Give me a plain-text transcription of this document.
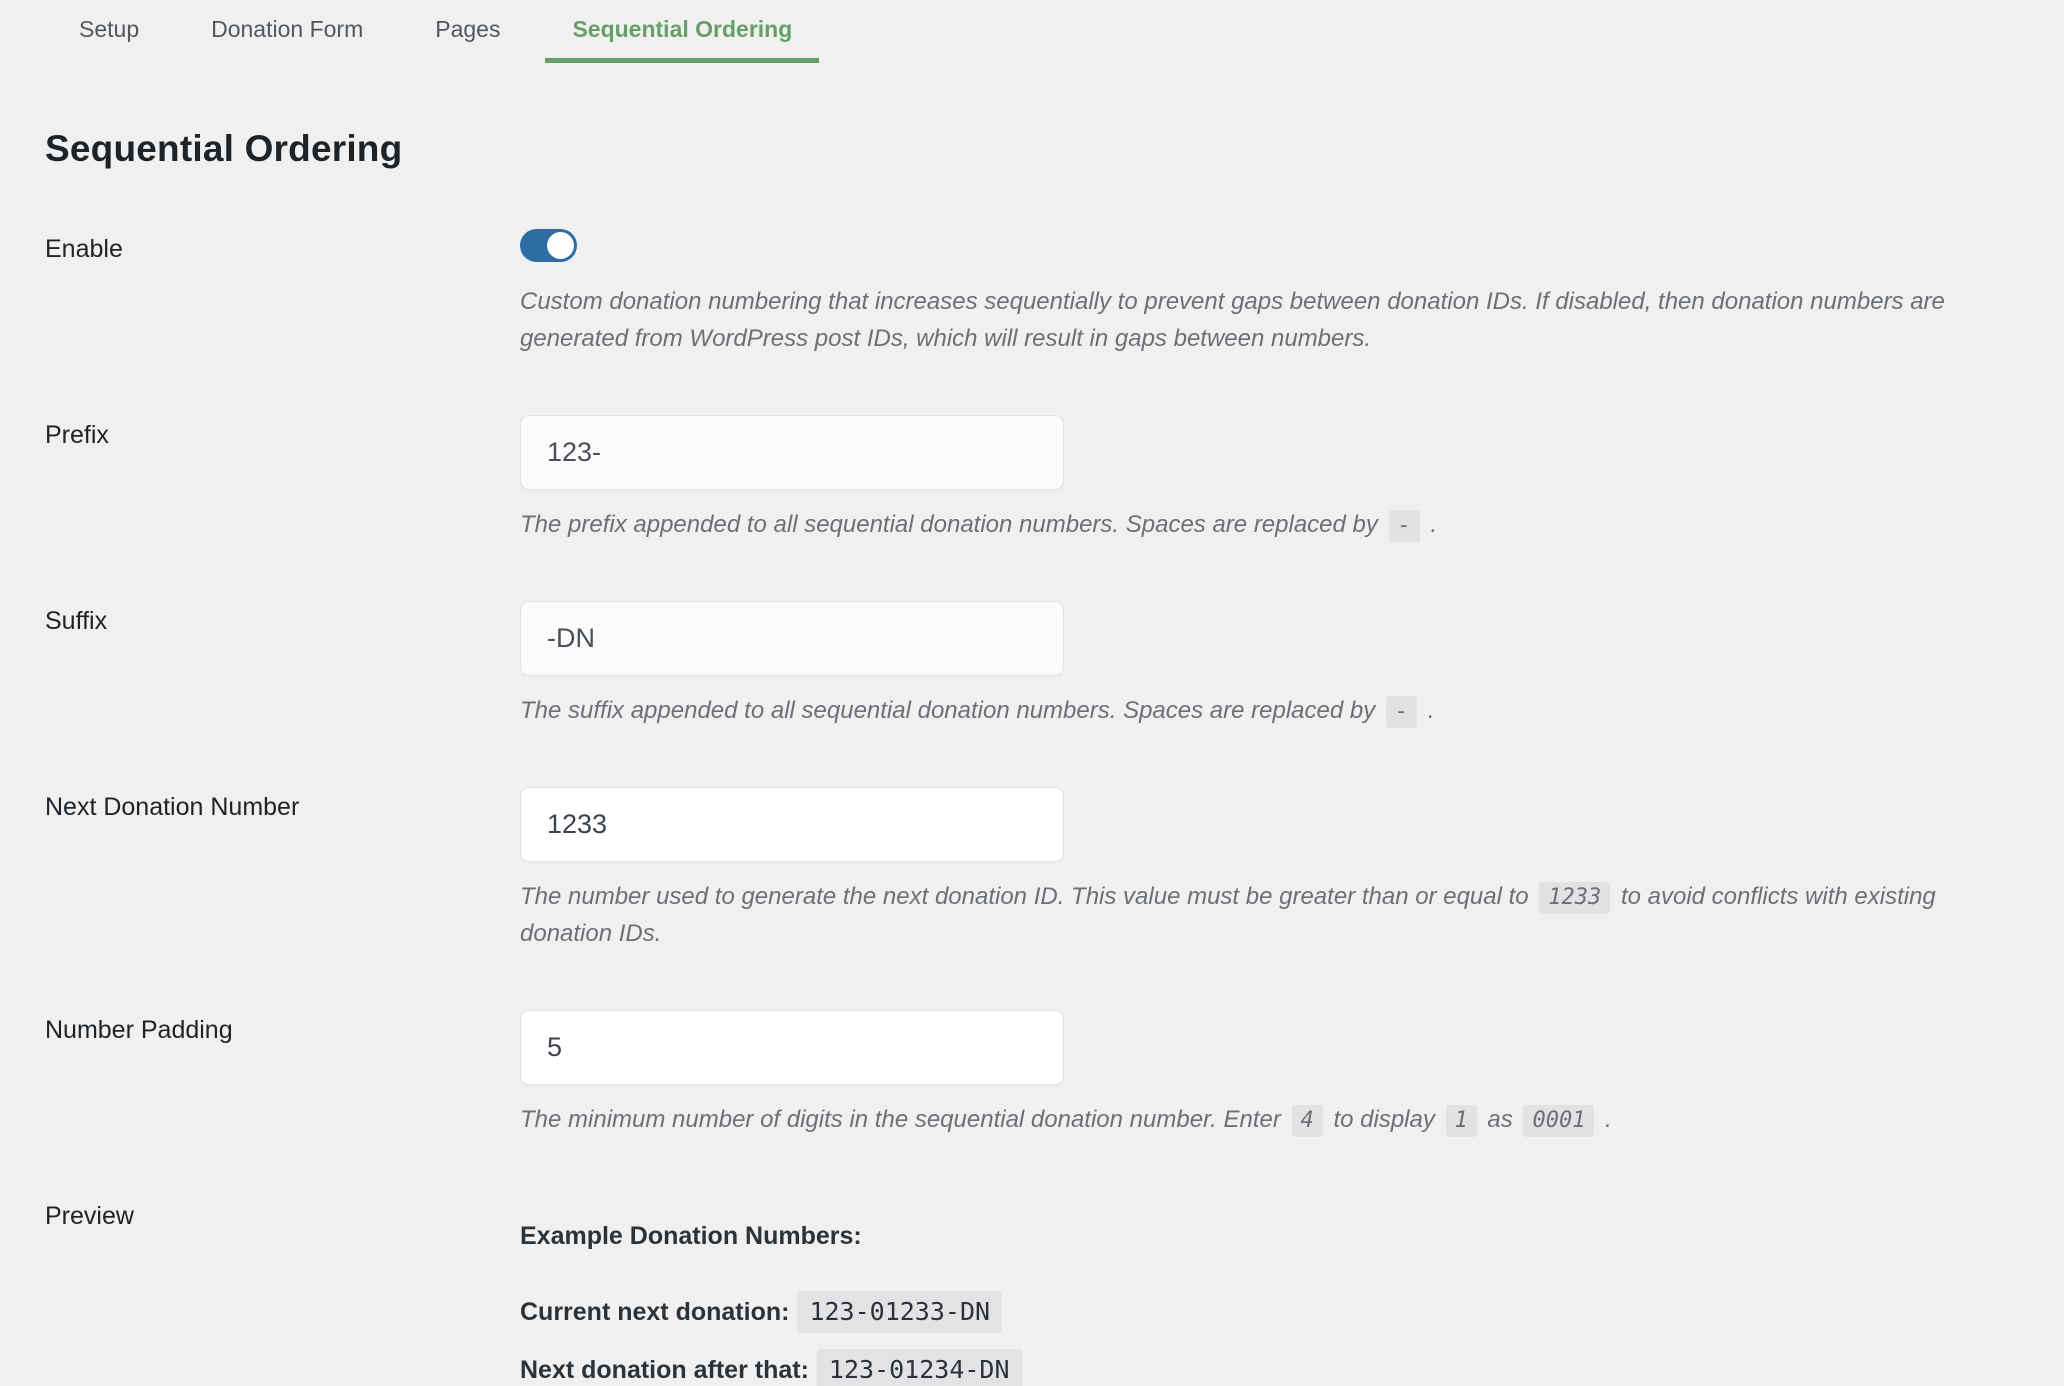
Setup	Donation Form	Pages	Sequential Ordering
Sequential Ordering
Enable
Custom donation numbering that increases sequentially to prevent gaps between donation IDs. If disabled, then donation numbers are generated from WordPress post IDs, which will result in gaps between numbers.
Prefix
123-
The prefix appended to all sequential donation numbers. Spaces are replaced by - .
Suffix
-DN
The suffix appended to all sequential donation numbers. Spaces are replaced by - .
Next Donation Number
1233
The number used to generate the next donation ID. This value must be greater than or equal to 1233 to avoid conflicts with existing donation IDs.
Number Padding
5
The minimum number of digits in the sequential donation number. Enter 4 to display 1 as 0001 .
Preview
Example Donation Numbers:
Current next donation: 123-01233-DN
Next donation after that: 123-01234-DN
